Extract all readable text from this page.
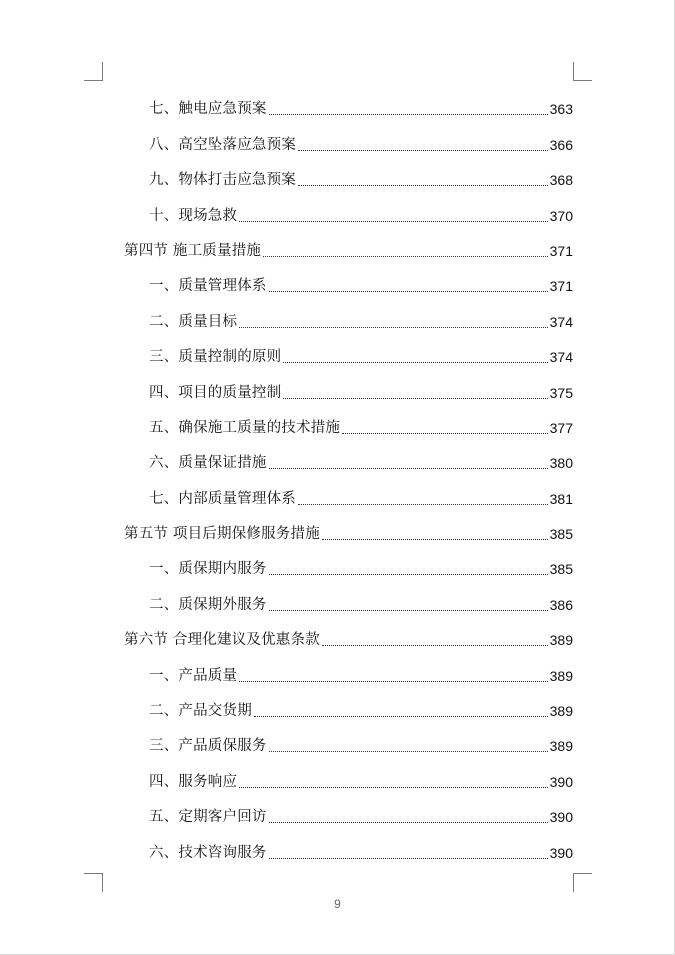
七、触电应急预案	363
八、高空坠落应急预案	366
九、物体打击应急预案	368
十、现场急救	370
第四节 施工质量措施	371
一、质量管理体系	371
二、质量目标	374
三、质量控制的原则	374
四、项目的质量控制	375
五、确保施工质量的技术措施	377
六、质量保证措施	380
七、内部质量管理体系	381
第五节 项目后期保修服务措施	385
一、质保期内服务	385
二、质保期外服务	386
第六节 合理化建议及优惠条款	389
一、产品质量	389
二、产品交货期	389
三、产品质保服务	389
四、服务响应	390
五、定期客户回访	390
六、技术咨询服务	390
9
